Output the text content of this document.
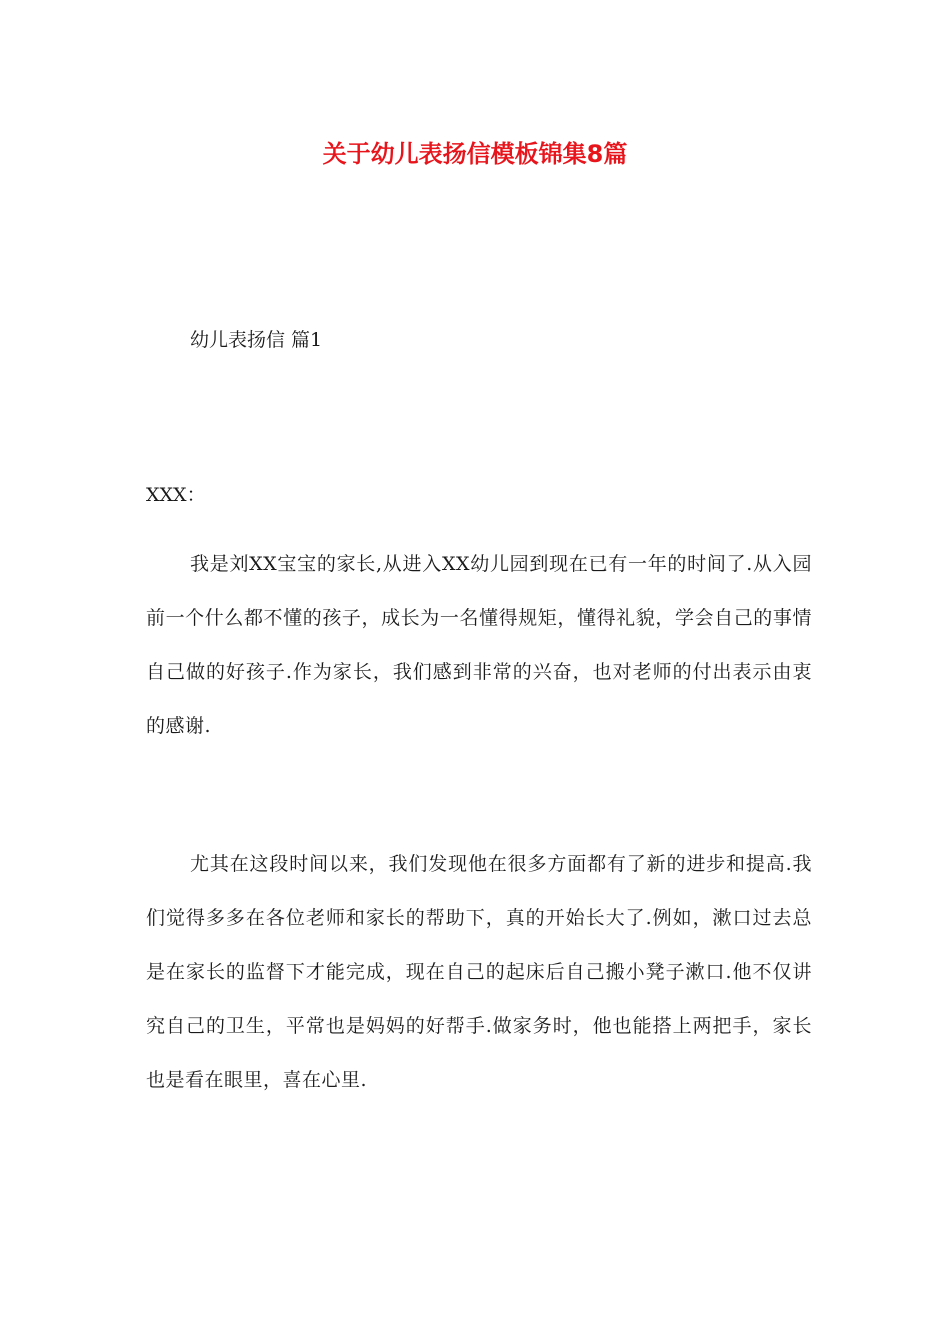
关于幼儿表扬信模板锦集8篇

幼儿表扬信 篇1

XXX：

我是刘XX宝宝的家长,从进入XX幼儿园到现在已有一年的时间了.从入园前一个什么都不懂的孩子，成长为一名懂得规矩，懂得礼貌，学会自己的事情自己做的好孩子.作为家长，我们感到非常的兴奋，也对老师的付出表示由衷的感谢.

尤其在这段时间以来，我们发现他在很多方面都有了新的进步和提高.我们觉得多多在各位老师和家长的帮助下，真的开始长大了.例如，漱口过去总是在家长的监督下才能完成，现在自己的起床后自己搬小凳子漱口.他不仅讲究自己的卫生，平常也是妈妈的好帮手.做家务时，他也能搭上两把手，家长也是看在眼里，喜在心里.
